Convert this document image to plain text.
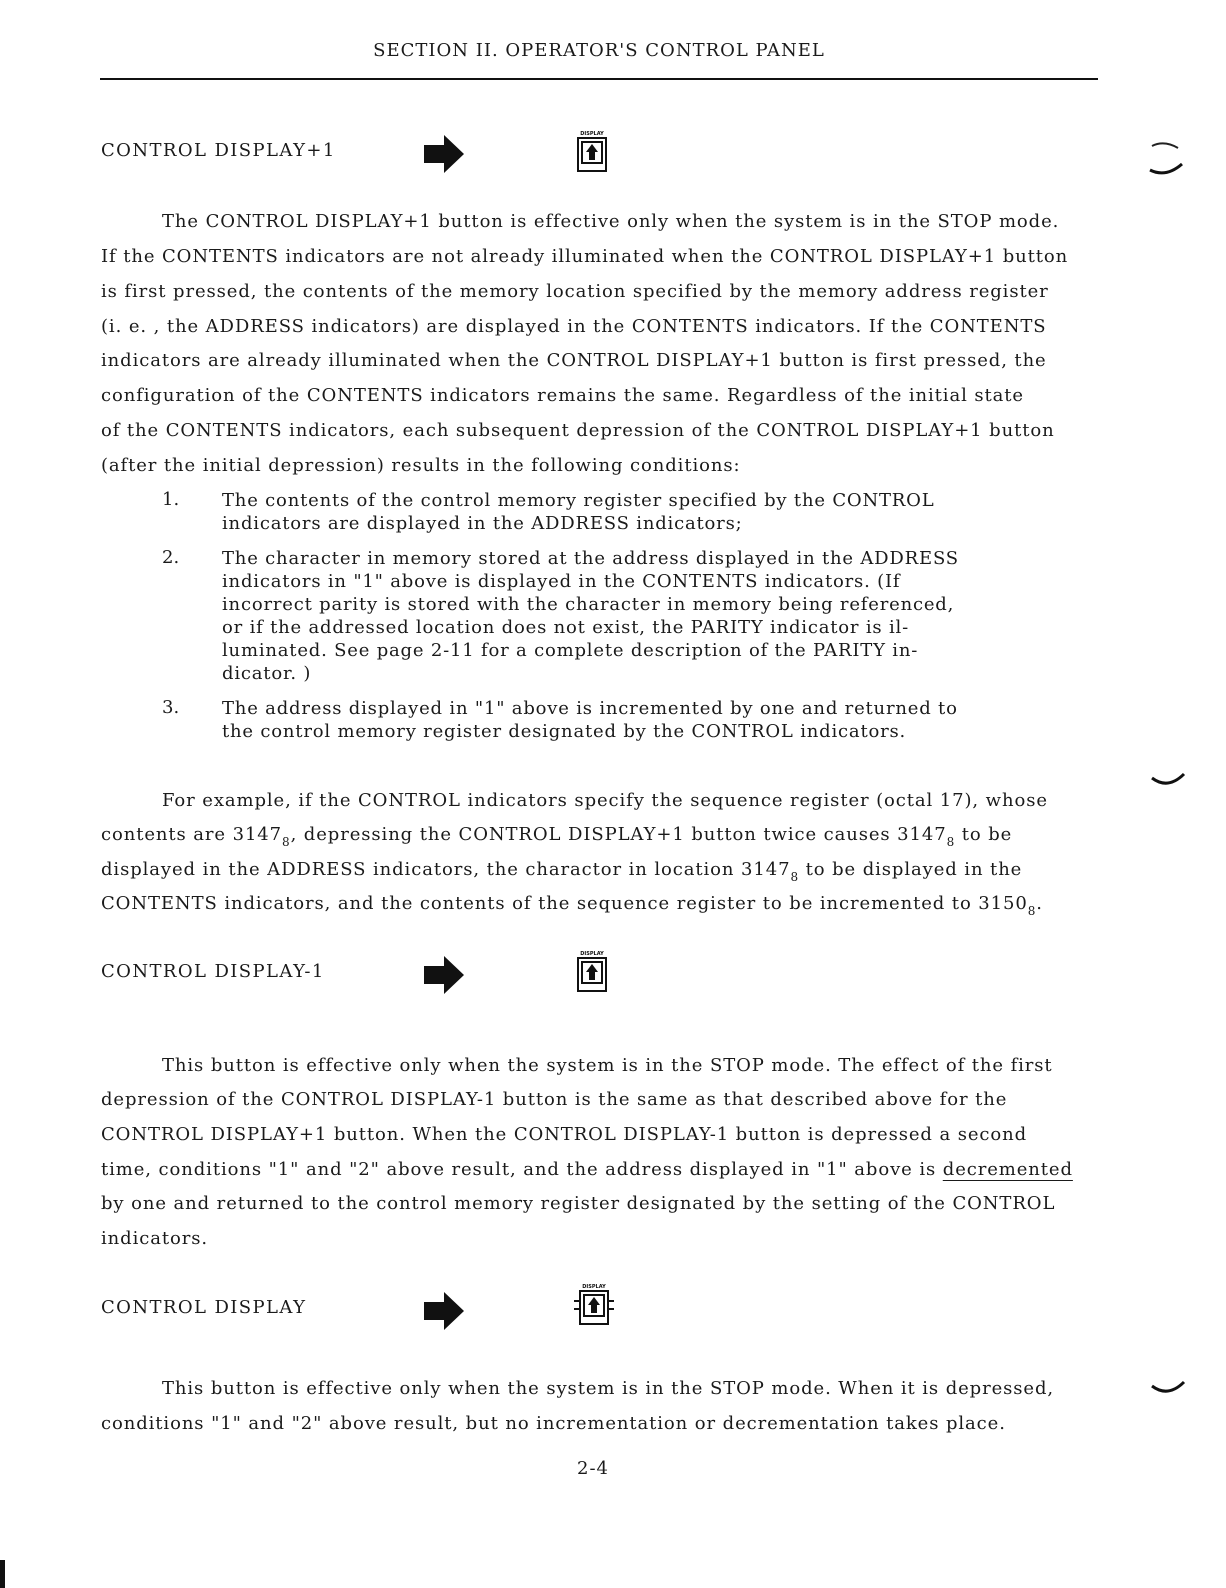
SECTION II. OPERATOR'S CONTROL PANEL
CONTROL DISPLAY+1
DISPLAY
The CONTROL DISPLAY+1 button is effective only when the system is in the STOP mode.
If the CONTENTS indicators are not already illuminated when the CONTROL DISPLAY+1 button
is first pressed, the contents of the memory location specified by the memory address register
(i. e. , the ADDRESS indicators) are displayed in the CONTENTS indicators. If the CONTENTS
indicators are already illuminated when the CONTROL DISPLAY+1 button is first pressed, the
configuration of the CONTENTS indicators remains the same. Regardless of the initial state
of the CONTENTS indicators, each subsequent depression of the CONTROL DISPLAY+1 button
(after the initial depression) results in the following conditions:
1. The contents of the control memory register specified by the CONTROL
indicators are displayed in the ADDRESS indicators;
2. The character in memory stored at the address displayed in the ADDRESS
indicators in "1" above is displayed in the CONTENTS indicators. (If
incorrect parity is stored with the character in memory being referenced,
or if the addressed location does not exist, the PARITY indicator is il-
luminated. See page 2-11 for a complete description of the PARITY in-
dicator. )
3. The address displayed in "1" above is incremented by one and returned to
the control memory register designated by the CONTROL indicators.
For example, if the CONTROL indicators specify the sequence register (octal 17), whose
contents are $3147_8$, depressing the CONTROL DISPLAY+1 button twice causes $3147_8$ to be
displayed in the ADDRESS indicators, the charactor in location $3147_8$ to be displayed in the
CONTENTS indicators, and the contents of the sequence register to be incremented to $3150_8$.
CONTROL DISPLAY-1
DISPLAY
This button is effective only when the system is in the STOP mode. The effect of the first
depression of the CONTROL DISPLAY-1 button is the same as that described above for the
CONTROL DISPLAY+1 button. When the CONTROL DISPLAY-1 button is depressed a second
time, conditions "1" and "2" above result, and the address displayed in "1" above is decremented
by one and returned to the control memory register designated by the setting of the CONTROL
indicators.
CONTROL DISPLAY
DISPLAY
This button is effective only when the system is in the STOP mode. When it is depressed,
conditions "1" and "2" above result, but no incrementation or decrementation takes place.
2-4
